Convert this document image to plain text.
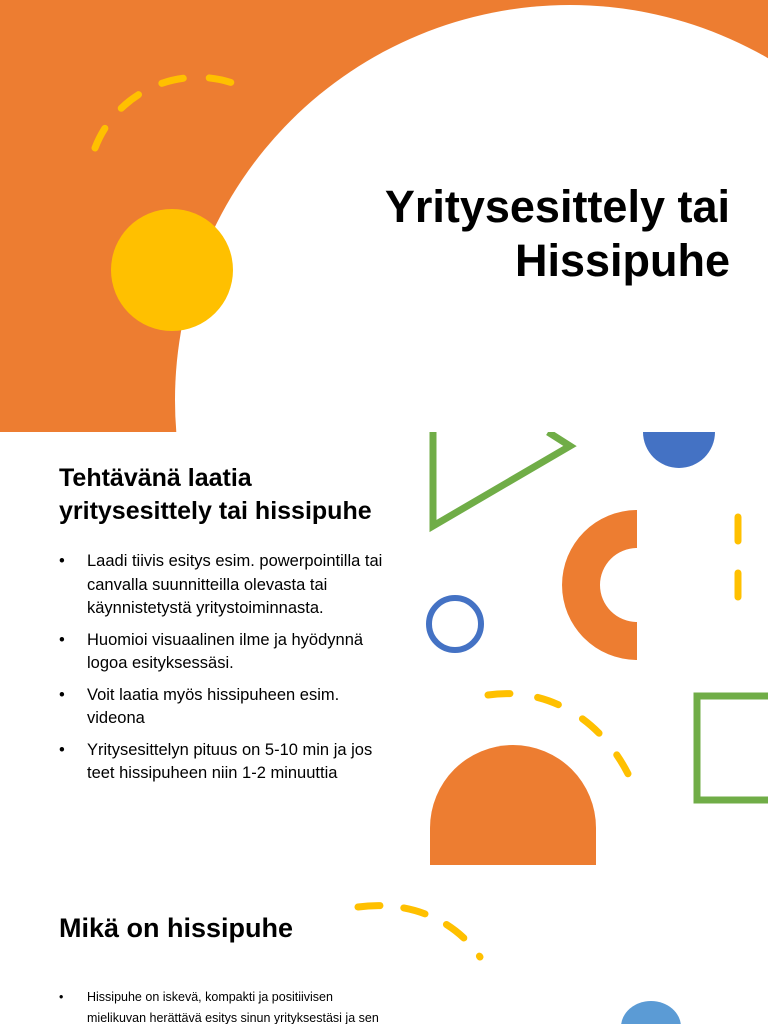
Yritysesittely tai
Hissipuhe
Tehtävänä laatia
yritysesittely tai hissipuhe
• Laadi tiivis esitys esim. powerpointilla tai canvalla suunnitteilla olevasta tai käynnistetystä yritystoiminnasta.
• Huomioi visuaalinen ilme ja hyödynnä logoa esityksessäsi.
• Voit laatia myös hissipuheen esim. videona
• Yritysesittelyn pituus on 5-10 min ja jos teet hissipuheen niin 1-2 minuuttia
Mikä on hissipuhe
• Hissipuhe on iskevä, kompakti ja positiivisen mielikuvan herättävä esitys sinun yrityksestäsi ja sen
